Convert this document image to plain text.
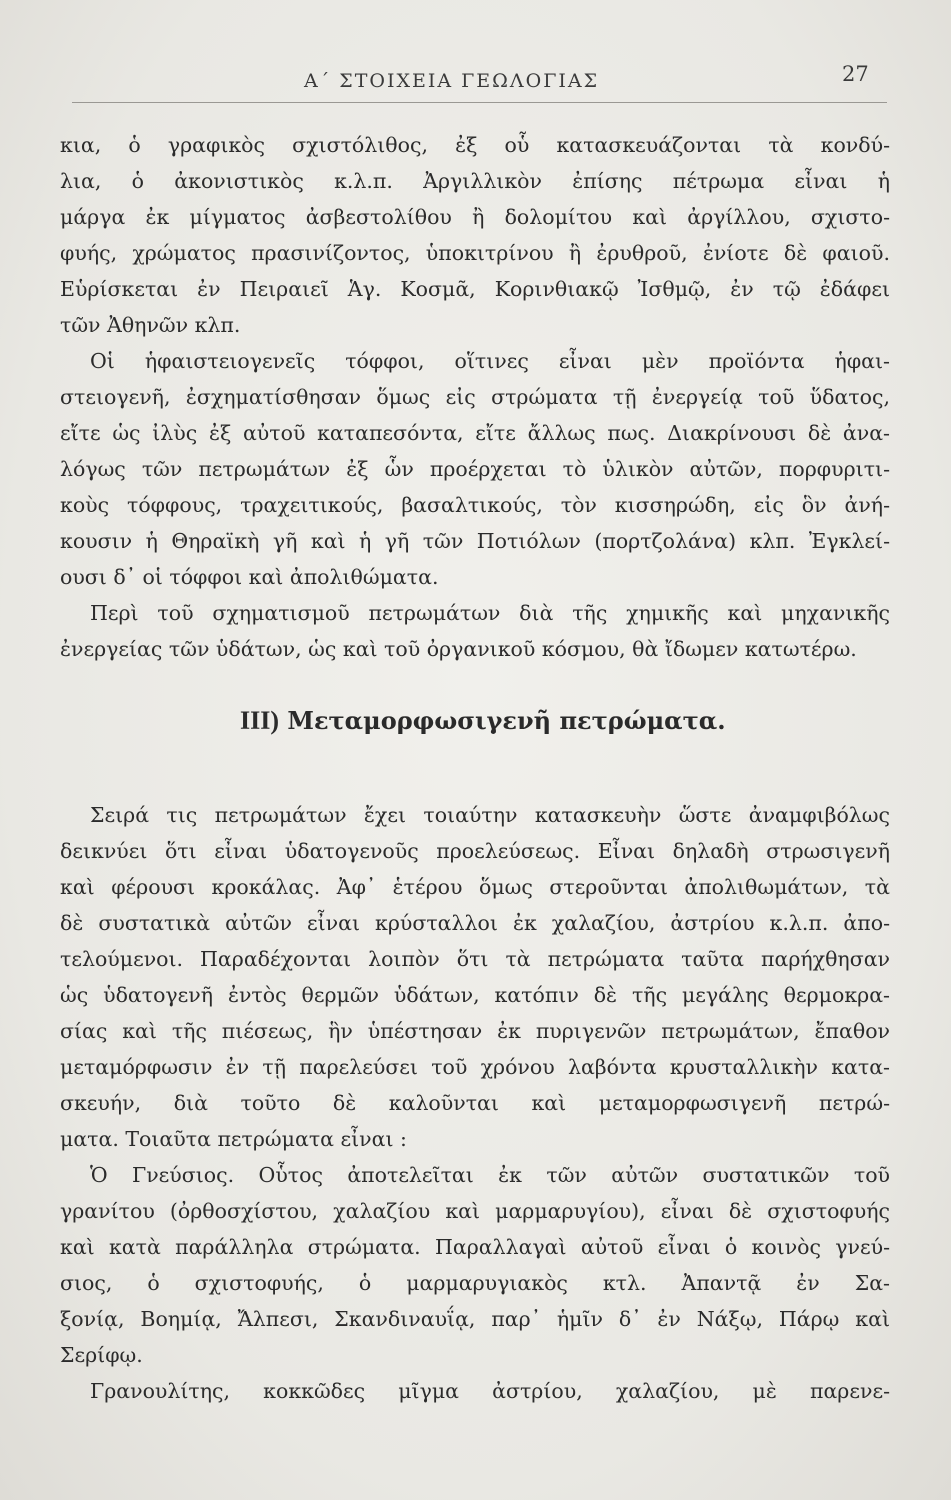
Α΄ ΣΤΟΙΧΕΙΑ ΓΕΩΛΟΓΙΑΣ	27
κια, ὁ γραφικὸς σχιστόλιθος, ἐξ οὗ κατασκευάζονται τὰ κονδύ-
λια, ὁ ἀκονιστικὸς κ.λ.π. Ἀργιλλικὸν ἐπίσης πέτρωμα εἶναι ἡ
μάργα ἐκ μίγματος ἀσβεστολίθου ἢ δολομίτου καὶ ἀργίλλου, σχιστο-
φυής, χρώματος πρασινίζοντος, ὑποκιτρίνου ἢ ἐρυθροῦ, ἐνίοτε δὲ φαιοῦ.
Εὑρίσκεται ἐν Πειραιεῖ Ἁγ. Κοσμᾶ, Κορινθιακῷ Ἰσθμῷ, ἐν τῷ ἐδάφει
τῶν Ἀθηνῶν κλπ.
Οἱ ἡφαιστειογενεῖς τόφφοι, οἵτινες εἶναι μὲν προϊόντα ἡφαι-
στειογενῆ, ἐσχηματίσθησαν ὅμως εἰς στρώματα τῇ ἐνεργείᾳ τοῦ ὕδατος,
εἴτε ὡς ἰλὺς ἐξ αὐτοῦ καταπεσόντα, εἴτε ἄλλως πως. Διακρίνουσι δὲ ἀνα-
λόγως τῶν πετρωμάτων ἐξ ὧν προέρχεται τὸ ὑλικὸν αὐτῶν, πορφυριτι-
κοὺς τόφφους, τραχειτικούς, βασαλτικούς, τὸν κισσηρώδη, εἰς ὃν ἀνή-
κουσιν ἡ Θηραϊκὴ γῆ καὶ ἡ γῆ τῶν Ποτιόλων (πορτζολάνα) κλπ. Ἐγκλεί-
ουσι δ᾽ οἱ τόφφοι καὶ ἀπολιθώματα.
Περὶ τοῦ σχηματισμοῦ πετρωμάτων διὰ τῆς χημικῆς καὶ μηχανικῆς
ἐνεργείας τῶν ὑδάτων, ὡς καὶ τοῦ ὀργανικοῦ κόσμου, θὰ ἴδωμεν κατωτέρω.
ΙΙΙ) Μεταμορφωσιγενῆ πετρώματα.
Σειρά τις πετρωμάτων ἔχει τοιαύτην κατασκευὴν ὥστε ἀναμφιβόλως
δεικνύει ὅτι εἶναι ὑδατογενοῦς προελεύσεως. Εἶναι δηλαδὴ στρωσιγενῆ
καὶ φέρουσι κροκάλας. Ἀφ᾽ ἑτέρου ὅμως στεροῦνται ἀπολιθωμάτων, τὰ
δὲ συστατικὰ αὐτῶν εἶναι κρύσταλλοι ἐκ χαλαζίου, ἀστρίου κ.λ.π. ἀπο-
τελούμενοι. Παραδέχονται λοιπὸν ὅτι τὰ πετρώματα ταῦτα παρήχθησαν
ὡς ὑδατογενῆ ἐντὸς θερμῶν ὑδάτων, κατόπιν δὲ τῆς μεγάλης θερμοκρα-
σίας καὶ τῆς πιέσεως, ἣν ὑπέστησαν ἐκ πυριγενῶν πετρωμάτων, ἔπαθον
μεταμόρφωσιν ἐν τῇ παρελεύσει τοῦ χρόνου λαβόντα κρυσταλλικὴν κατα-
σκευήν, διὰ τοῦτο δὲ καλοῦνται καὶ μεταμορφωσιγενῆ πετρώ-
ματα. Τοιαῦτα πετρώματα εἶναι :
Ὁ Γνεύσιος. Οὗτος ἀποτελεῖται ἐκ τῶν αὐτῶν συστατικῶν τοῦ
γρανίτου (ὀρθοσχίστου, χαλαζίου καὶ μαρμαρυγίου), εἶναι δὲ σχιστοφυής
καὶ κατὰ παράλληλα στρώματα. Παραλλαγαὶ αὐτοῦ εἶναι ὁ κοινὸς γνεύ-
σιος, ὁ σχιστοφυής, ὁ μαρμαρυγιακὸς κτλ. Ἀπαντᾷ ἐν Σα-
ξονίᾳ, Βοημίᾳ, Ἄλπεσι, Σκανδιναυΐᾳ, παρ᾽ ἡμῖν δ᾽ ἐν Νάξῳ, Πάρῳ καὶ
Σερίφῳ.
Γρανουλίτης, κοκκῶδες μῖγμα ἀστρίου, χαλαζίου, μὲ παρενε-
